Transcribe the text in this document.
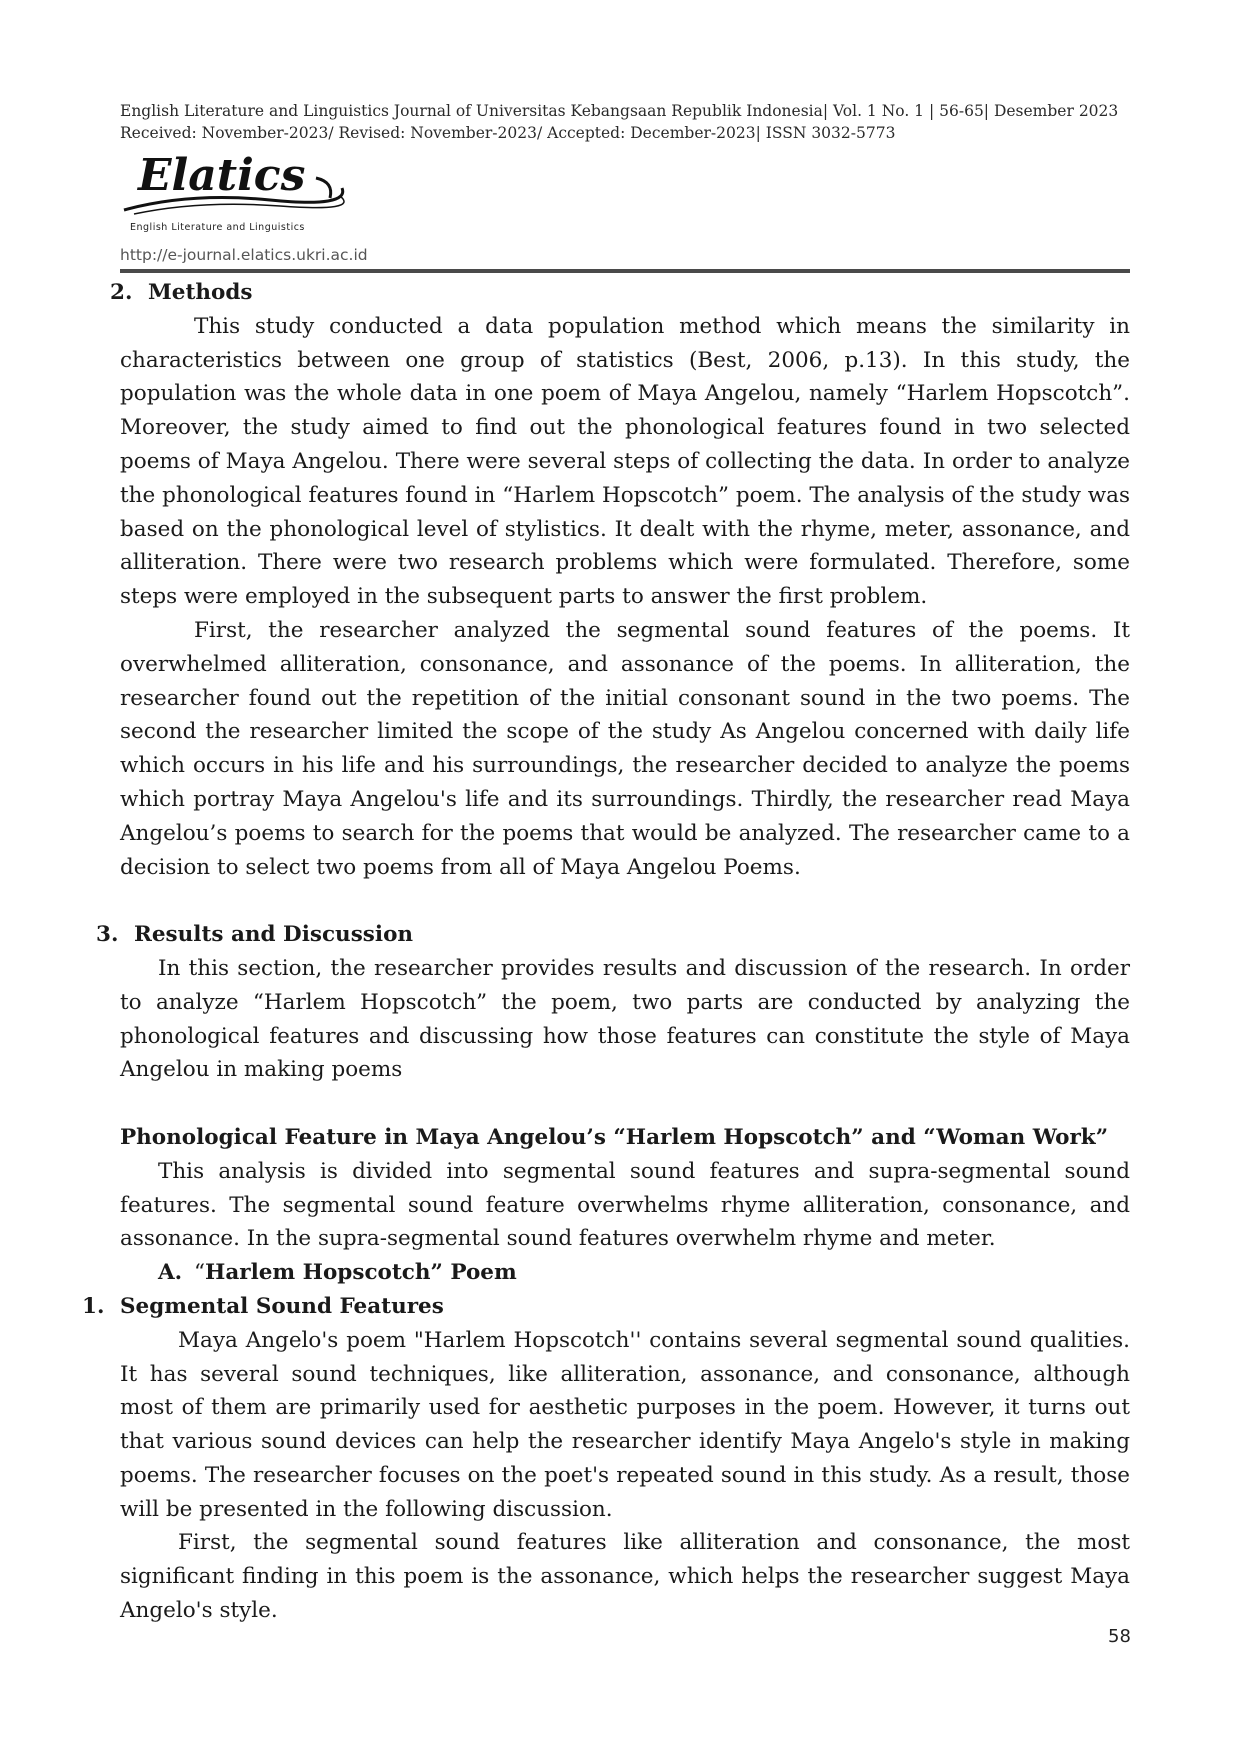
English Literature and Linguistics Journal of Universitas Kebangsaan Republik Indonesia| Vol. 1 No. 1 | 56-65| Desember 2023
Received: November-2023/ Revised: November-2023/ Accepted: December-2023| ISSN 3032-5773
Elatics
English Literature and Linguistics
http://e-journal.elatics.ukri.ac.id
2. Methods

This study conducted a data population method which means the similarity in characteristics between one group of statistics (Best, 2006, p.13). In this study, the population was the whole data in one poem of Maya Angelou, namely “Harlem Hopscotch”. Moreover, the study aimed to find out the phonological features found in two selected poems of Maya Angelou. There were several steps of collecting the data. In order to analyze the phonological features found in “Harlem Hopscotch” poem. The analysis of the study was based on the phonological level of stylistics. It dealt with the rhyme, meter, assonance, and alliteration. There were two research problems which were formulated. Therefore, some steps were employed in the subsequent parts to answer the first problem.

First, the researcher analyzed the segmental sound features of the poems. It overwhelmed alliteration, consonance, and assonance of the poems. In alliteration, the researcher found out the repetition of the initial consonant sound in the two poems. The second the researcher limited the scope of the study As Angelou concerned with daily life which occurs in his life and his surroundings, the researcher decided to analyze the poems which portray Maya Angelou's life and its surroundings. Thirdly, the researcher read Maya Angelou’s poems to search for the poems that would be analyzed. The researcher came to a decision to select two poems from all of Maya Angelou Poems.

3. Results and Discussion

In this section, the researcher provides results and discussion of the research. In order to analyze “Harlem Hopscotch” the poem, two parts are conducted by analyzing the phonological features and discussing how those features can constitute the style of Maya Angelou in making poems

Phonological Feature in Maya Angelou’s “Harlem Hopscotch” and “Woman Work”

This analysis is divided into segmental sound features and supra-segmental sound features. The segmental sound feature overwhelms rhyme alliteration, consonance, and assonance. In the supra-segmental sound features overwhelm rhyme and meter.

A. “Harlem Hopscotch” Poem
1. Segmental Sound Features

Maya Angelo's poem "Harlem Hopscotch'' contains several segmental sound qualities. It has several sound techniques, like alliteration, assonance, and consonance, although most of them are primarily used for aesthetic purposes in the poem. However, it turns out that various sound devices can help the researcher identify Maya Angelo's style in making poems. The researcher focuses on the poet's repeated sound in this study. As a result, those will be presented in the following discussion.

First, the segmental sound features like alliteration and consonance, the most significant finding in this poem is the assonance, which helps the researcher suggest Maya Angelo's style.

58
